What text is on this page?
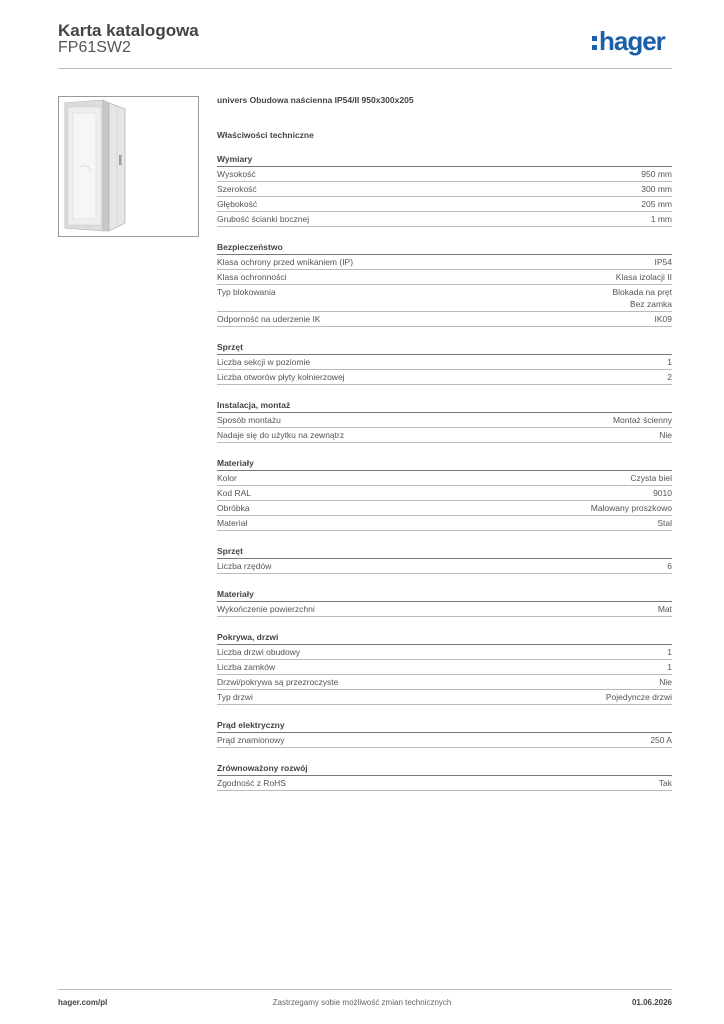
Karta katalogowa
FP61SW2	hager
univers Obudowa naścienna IP54/II 950x300x205
Właściwości techniczne
Wymiary
Wysokość	950 mm
Szerokość	300 mm
Głębokość	205 mm
Grubość ścianki bocznej	1 mm
Bezpieczeństwo
Klasa ochrony przed wnikaniem (IP)	IP54
Klasa ochronności	Klasa izolacji II
Typ blokowania	Blokada na pręt
Bez zamka
Odporność na uderzenie IK	IK09
Sprzęt
Liczba sekcji w poziomie	1
Liczba otworów płyty kołnierzowej	2
Instalacja, montaż
Sposób montażu	Montaż ścienny
Nadaje się do użytku na zewnątrz	Nie
Materiały
Kolor	Czysta biel
Kod RAL	9010
Obróbka	Malowany proszkowo
Materiał	Stal
Sprzęt
Liczba rzędów	6
Materiały
Wykończenie powierzchni	Mat
Pokrywa, drzwi
Liczba drzwi obudowy	1
Liczba zamków	1
Drzwi/pokrywa są przezroczyste	Nie
Typ drzwi	Pojedyncze drzwi
Prąd elektryczny
Prąd znamionowy	250 A
Zrównoważony rozwój
Zgodność z RoHS	Tak
hager.com/pl	Zastrzegamy sobie możliwość zmian technicznych	01.06.2026
